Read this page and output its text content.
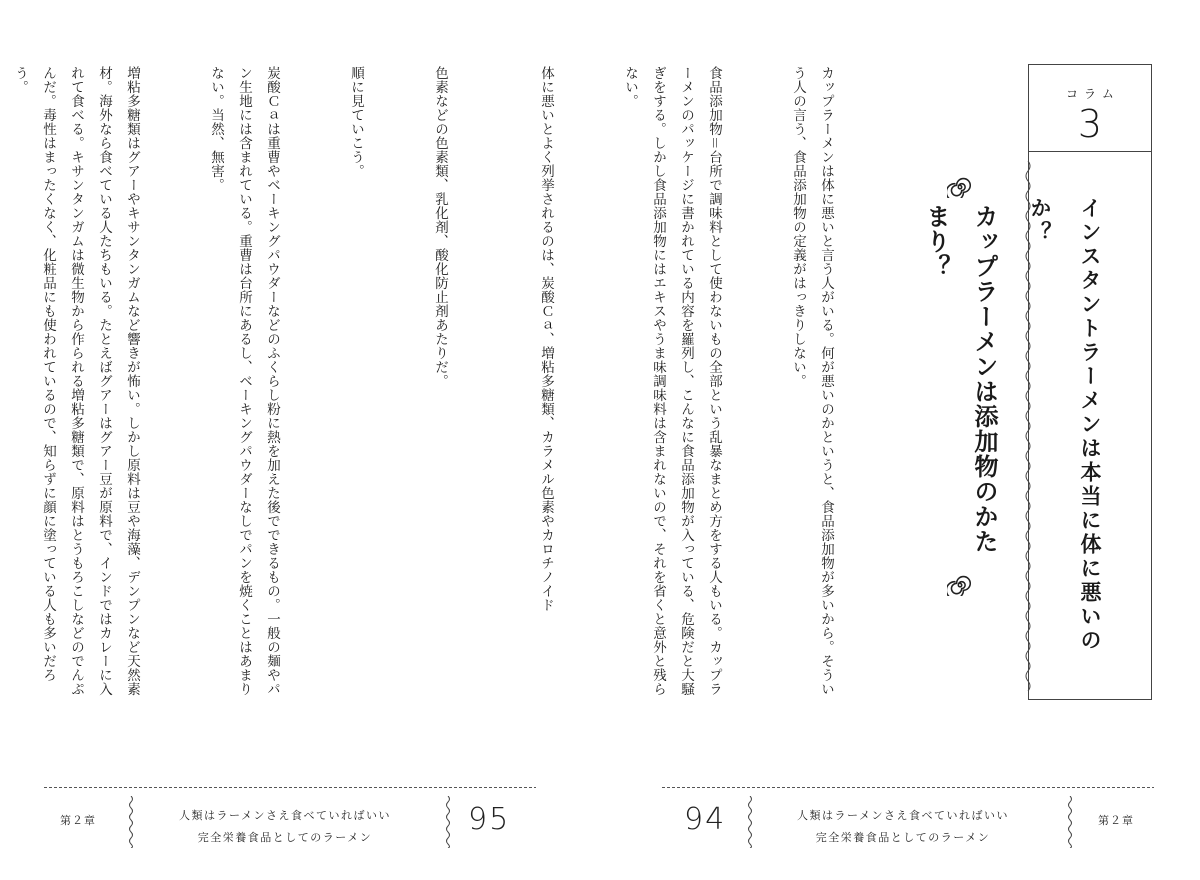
色素などの色素類、乳化剤、酸化防止剤あたりだ。

順に見ていこう。

炭酸Ｃａは重曹やベーキングパウダーなどのふくらし粉に熱を加えた後でできるもの。一般の麺やパン生地には含まれている。重曹は台所にあるし、ベーキングパウダーなしでパンを焼くことはあまりない。当然、無害。

増粘多糖類はグアーやキサンタンガムなど響きが怖い。しかし原料は豆や海藻、デンプンなど天然素材。海外なら食べている人たちもいる。たとえばグアーはグアー豆が原料で、インドではカレーに入れて食べる。キサンタンガムは微生物から作られる増粘多糖類で、原料はとうもろこしなどのでんぷんだ。毒性はまったくなく、化粧品にも使われているので、知らずに顔に塗っている人も多いだろう。

第２章	人類はラーメンさえ食べていればいい
完全栄養食品としてのラーメン
95

カップラーメンは体に悪いと言う人がいる。何が悪いのかというと、食品添加物が多いから。そういう人の言う、食品添加物の定義がはっきりしない。

食品添加物＝台所で調味料として使わないもの全部という乱暴なまとめ方をする人もいる。カップラーメンのパッケージに書かれている内容を羅列し、こんなに食品添加物が入っている、危険だと大騒ぎをする。しかし食品添加物にはエキスやうま味調味料は含まれないので、それを省くと意外と残らない。

体に悪いとよく列挙されるのは、炭酸Ｃａ、増粘多糖類、カラメル色素やカロチノイド

	カップラーメンは添加物のかたまり？
コラム
3
インスタントラーメンは本当に体に悪いのか？
94	人類はラーメンさえ食べていればいい
完全栄養食品としてのラーメン
第２章
